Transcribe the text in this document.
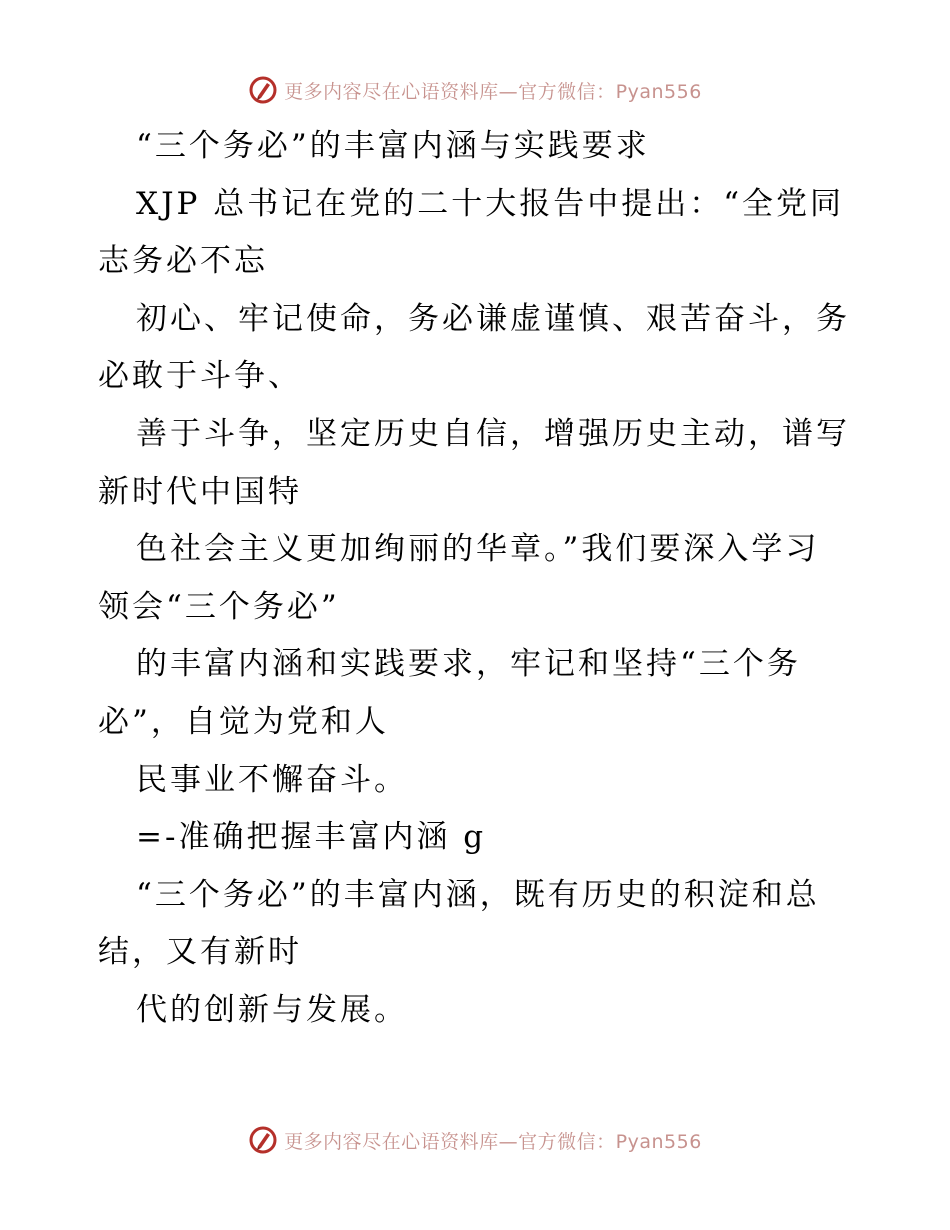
更多内容尽在心语资料库—官方微信：Pyan556

“三个务必”的丰富内涵与实践要求

XJP 总书记在党的二十大报告中提出：“全党同

志务必不忘

初心、牢记使命，务必谦虚谨慎、艰苦奋斗，务

必敢于斗争、

善于斗争，坚定历史自信，增强历史主动，谱写

新时代中国特

色社会主义更加绚丽的华章。”我们要深入学习

领会“三个务必”

的丰富内涵和实践要求，牢记和坚持“三个务

必”，自觉为党和人

民事业不懈奋斗。

=-准确把握丰富内涵 g

“三个务必”的丰富内涵，既有历史的积淀和总

结，又有新时

代的创新与发展。

更多内容尽在心语资料库—官方微信：Pyan556
